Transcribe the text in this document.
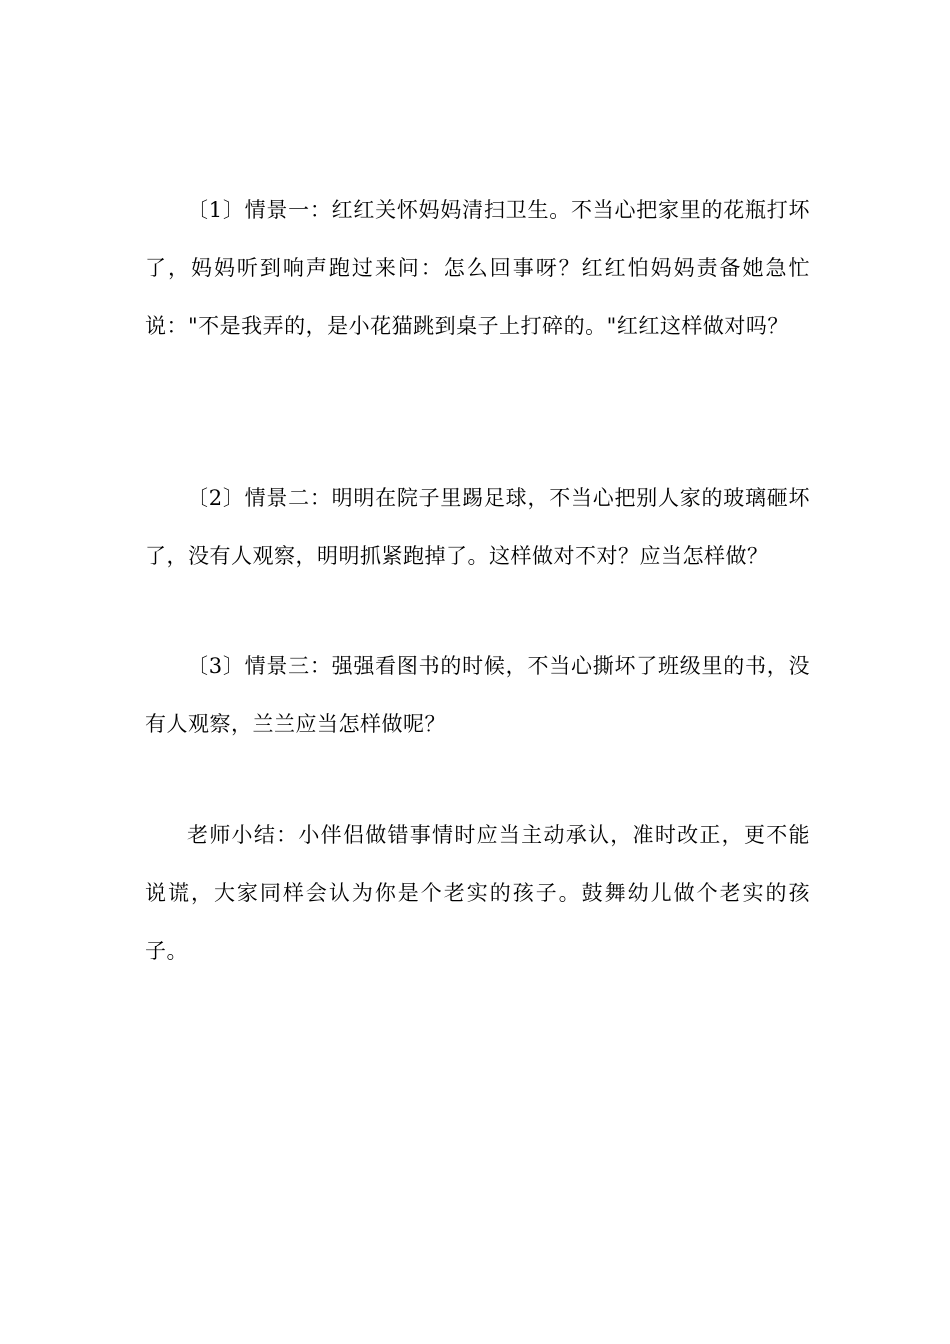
〔1〕情景一：红红关怀妈妈清扫卫生。不当心把家里的花瓶打坏了，妈妈听到响声跑过来问：怎么回事呀？红红怕妈妈责备她急忙说："不是我弄的，是小花猫跳到桌子上打碎的。"红红这样做对吗？

〔2〕情景二：明明在院子里踢足球，不当心把别人家的玻璃砸坏了，没有人观察，明明抓紧跑掉了。这样做对不对？应当怎样做？

〔3〕情景三：强强看图书的时候，不当心撕坏了班级里的书，没有人观察，兰兰应当怎样做呢？

老师小结：小伴侣做错事情时应当主动承认，准时改正，更不能说谎，大家同样会认为你是个老实的孩子。鼓舞幼儿做个老实的孩子。
